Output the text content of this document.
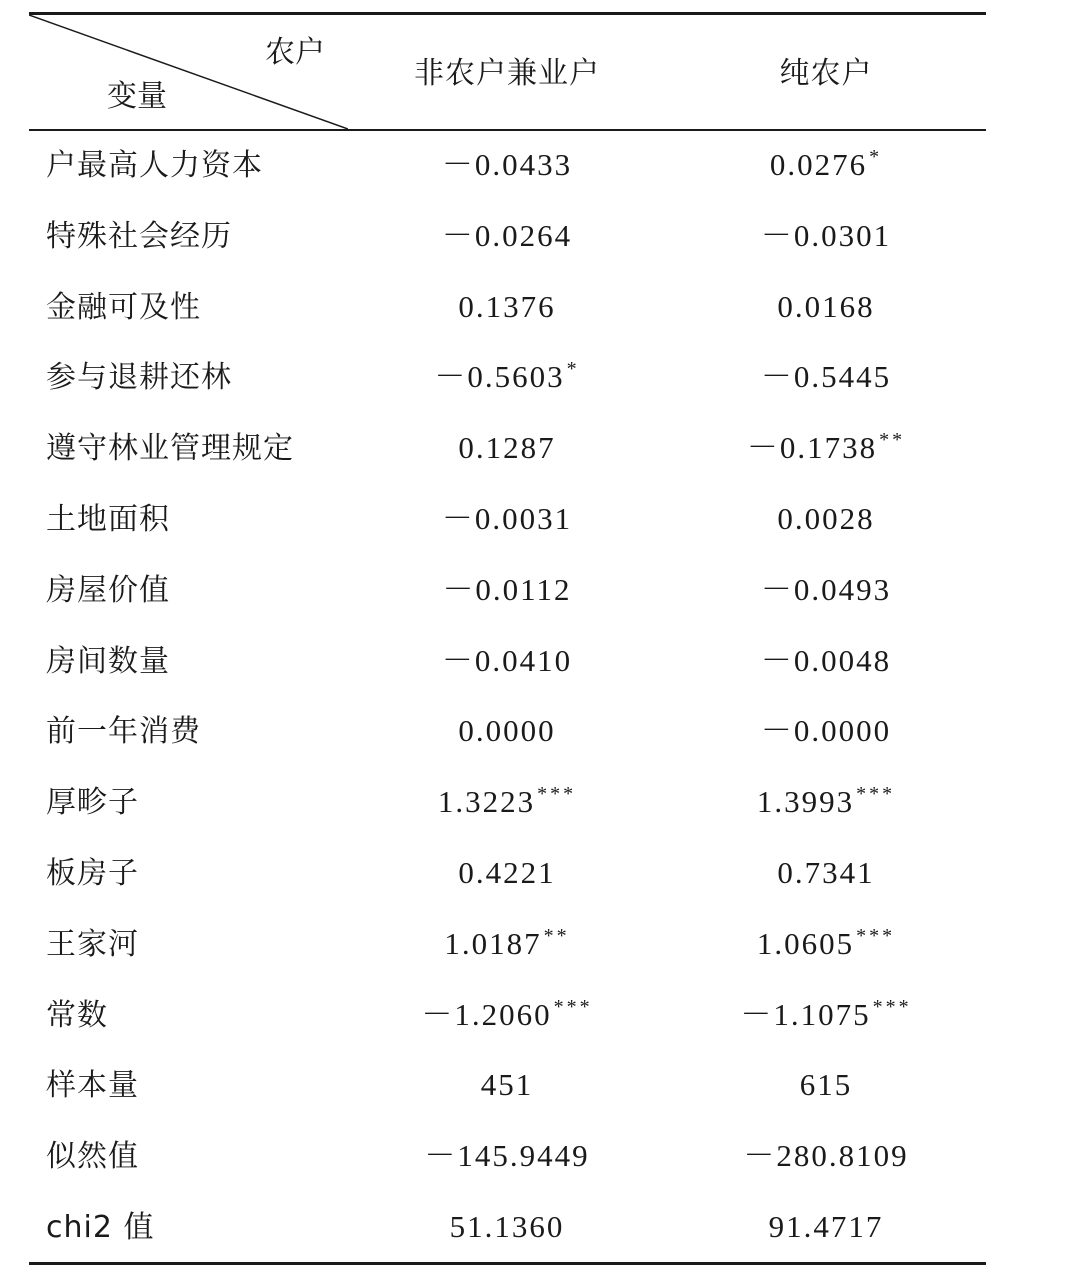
农户
变量
非农户兼业户	纯农户
户最高人力资本	－0.0433	0.0276 *
特殊社会经历	－0.0264	－0.0301
金融可及性	0.1376	0.0168
参与退耕还林	－0.5603 *	－0.5445
遵守林业管理规定	0.1287	－0.1738 **
土地面积	－0.0031	0.0028
房屋价值	－0.0112	－0.0493
房间数量	－0.0410	－0.0048
前一年消费	0.0000	－0.0000
厚畛子	1.3223 ***	1.3993 ***
板房子	0.4221	0.7341
王家河	1.0187 **	1.0605 ***
常数	－1.2060 ***	－1.1075 ***
样本量	451	615
似然值	－145.9449	－280.8109
chi2 值	51.1360	91.4717
